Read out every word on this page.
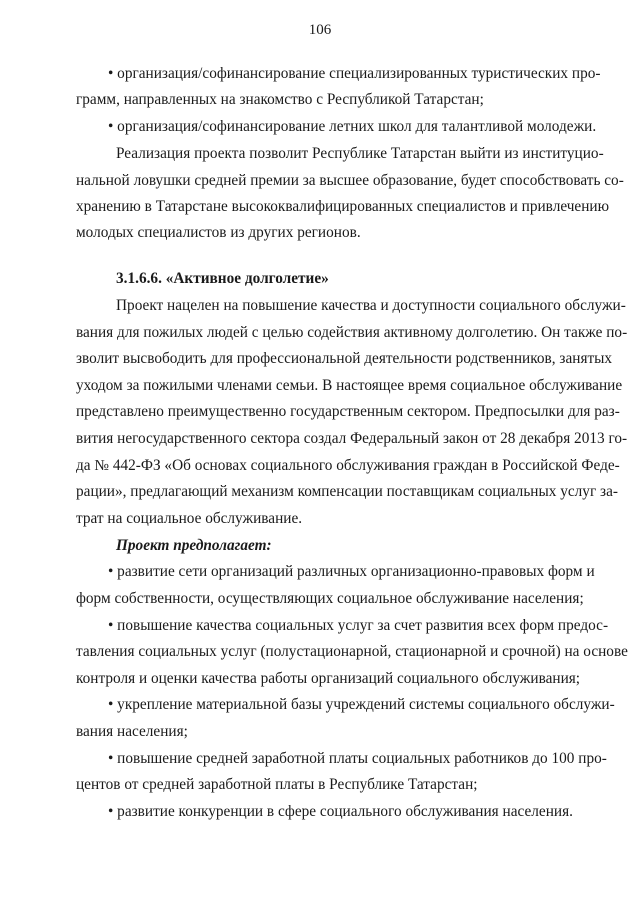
106
• организация/софинансирование специализированных туристических про-
грамм, направленных на знакомство с Республикой Татарстан;
• организация/софинансирование летних школ для талантливой молодежи.
Реализация проекта позволит Республике Татарстан выйти из институцио-
нальной ловушки средней премии за высшее образование, будет способствовать со-
хранению в Татарстане высококвалифицированных специалистов и привлечению
молодых специалистов из других регионов.
3.1.6.6. «Активное долголетие»
Проект нацелен на повышение качества и доступности социального обслужи-
вания для пожилых людей с целью содействия активному долголетию. Он также по-
зволит высвободить для профессиональной деятельности родственников, занятых
уходом за пожилыми членами семьи. В настоящее время социальное обслуживание
представлено преимущественно государственным сектором. Предпосылки для раз-
вития негосударственного сектора создал Федеральный закон от 28 декабря 2013 го-
да № 442-ФЗ «Об основах социального обслуживания граждан в Российской Феде-
рации», предлагающий механизм компенсации поставщикам социальных услуг за-
трат на социальное обслуживание.
Проект предполагает:
• развитие сети организаций различных организационно-правовых форм и
форм собственности, осуществляющих социальное обслуживание населения;
• повышение качества социальных услуг за счет развития всех форм предос-
тавления социальных услуг (полустационарной, стационарной и срочной) на основе
контроля и оценки качества работы организаций социального обслуживания;
• укрепление материальной базы учреждений системы социального обслужи-
вания населения;
• повышение средней заработной платы социальных работников до 100 про-
центов от средней заработной платы в Республике Татарстан;
• развитие конкуренции в сфере социального обслуживания населения.
